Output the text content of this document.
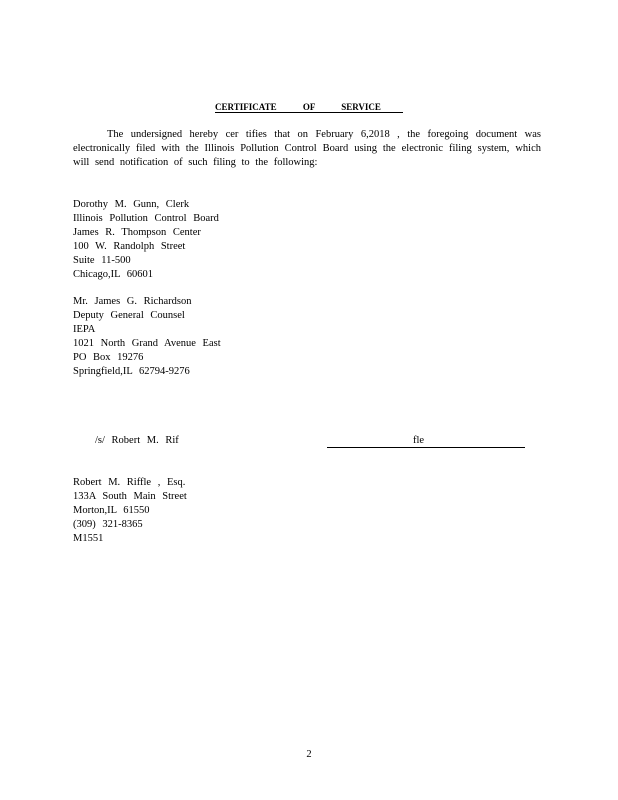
CERTIFICATE OF SERVICE
The undersigned hereby cer tifies that on February 6,2018 , the foregoing document was electronically filed with the Illinois Pollution Control Board using the electronic filing system, which will send notification of such filing to the following:
Dorothy M. Gunn, Clerk
Illinois Pollution Control Board
James R. Thompson Center
100 W. Randolph Street
Suite 11-500
Chicago,IL 60601
Mr. James G. Richardson
Deputy General Counsel
IEPA
1021 North Grand Avenue East
PO Box 19276
Springfield,IL 62794-9276
/s/ Robert M. Rif	fle
Robert M. Riffle , Esq.
133A South Main Street
Morton,IL 61550
(309) 321-8365
M1551
2
